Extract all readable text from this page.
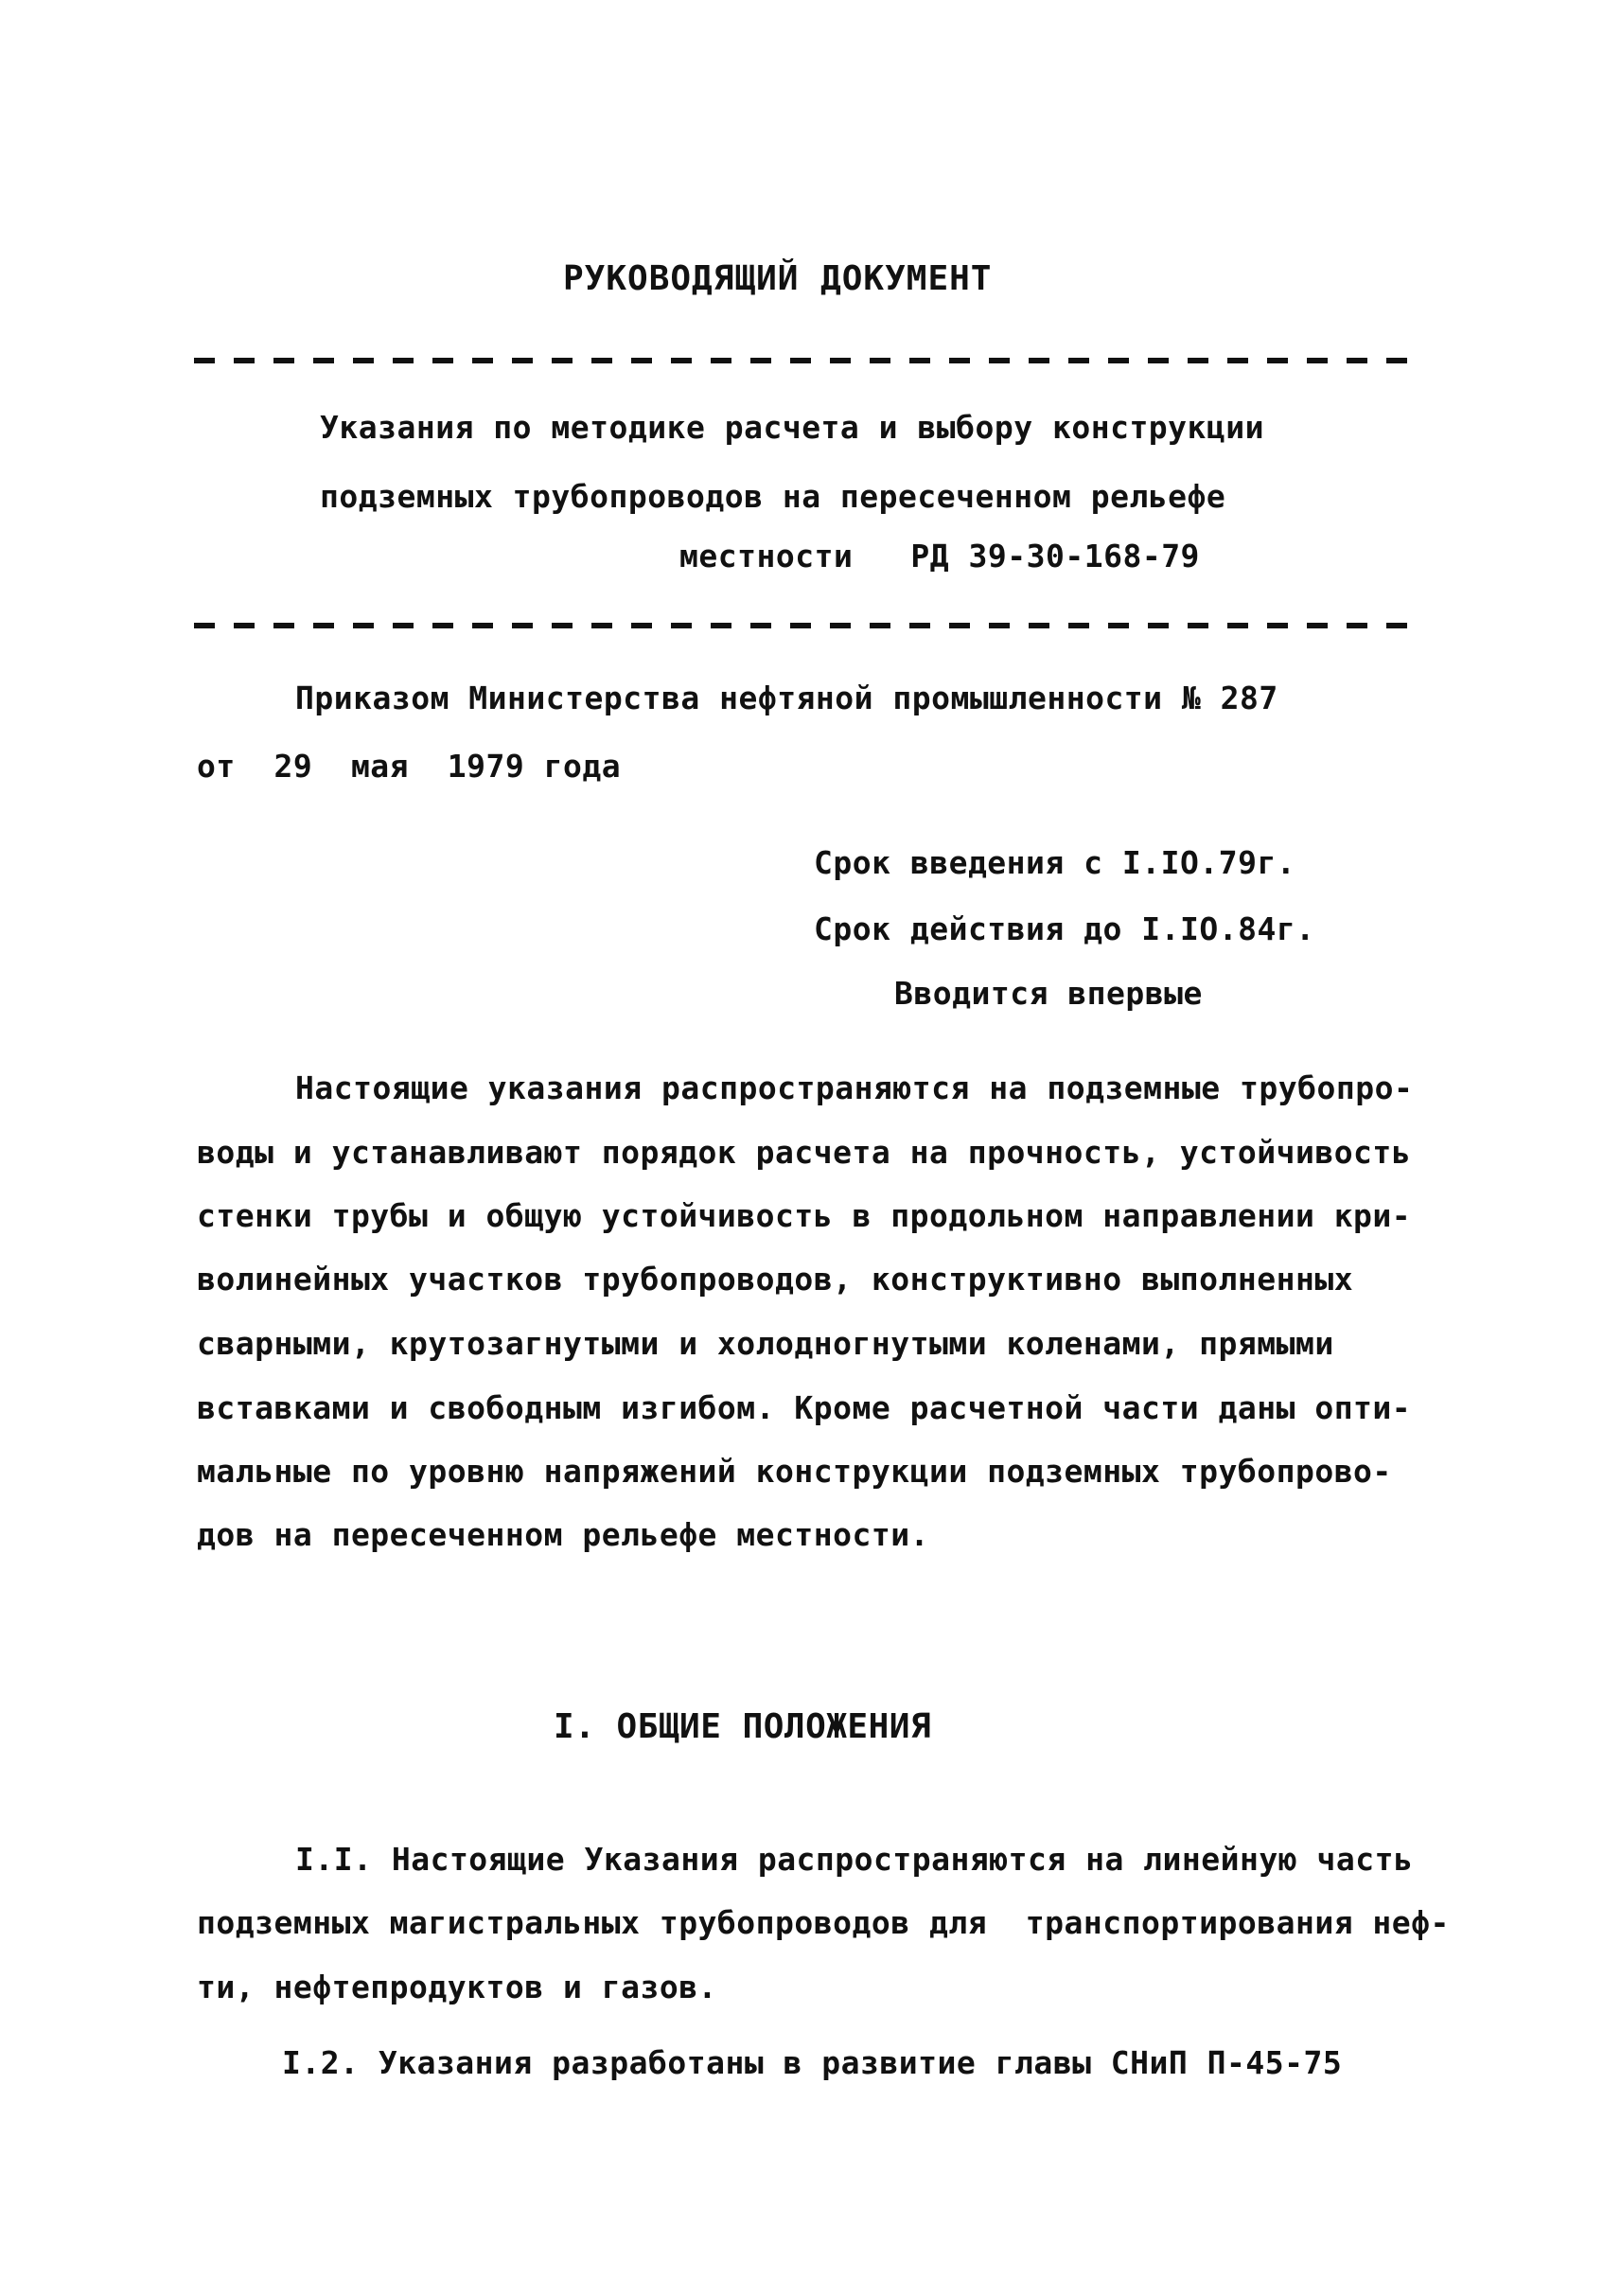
РУКОВОДЯЩИЙ ДОКУМЕНТ
Указания по методике расчета и выбору конструкции
подземных трубопроводов на пересеченном рельефе
местности   РД 39-30-168-79
Приказом Министерства нефтяной промышленности № 287
от  29  мая  1979 года
Срок введения с I.IO.79г.
Срок действия до I.IO.84г.
Вводится впервые
Настоящие указания распространяются на подземные трубопро-
воды и устанавливают порядок расчета на прочность, устойчивость
стенки трубы и общую устойчивость в продольном направлении кри-
волинейных участков трубопроводов, конструктивно выполненных
сварными, крутозагнутыми и холодногнутыми коленами, прямыми
вставками и свободным изгибом. Кроме расчетной части даны опти-
мальные по уровню напряжений конструкции подземных трубопрово-
дов на пересеченном рельефе местности.
I. ОБЩИЕ ПОЛОЖЕНИЯ
I.I. Настоящие Указания распространяются на линейную часть
подземных магистральных трубопроводов для  транспортирования неф-
ти, нефтепродуктов и газов.
I.2. Указания разработаны в развитие главы СНиП П-45-75
